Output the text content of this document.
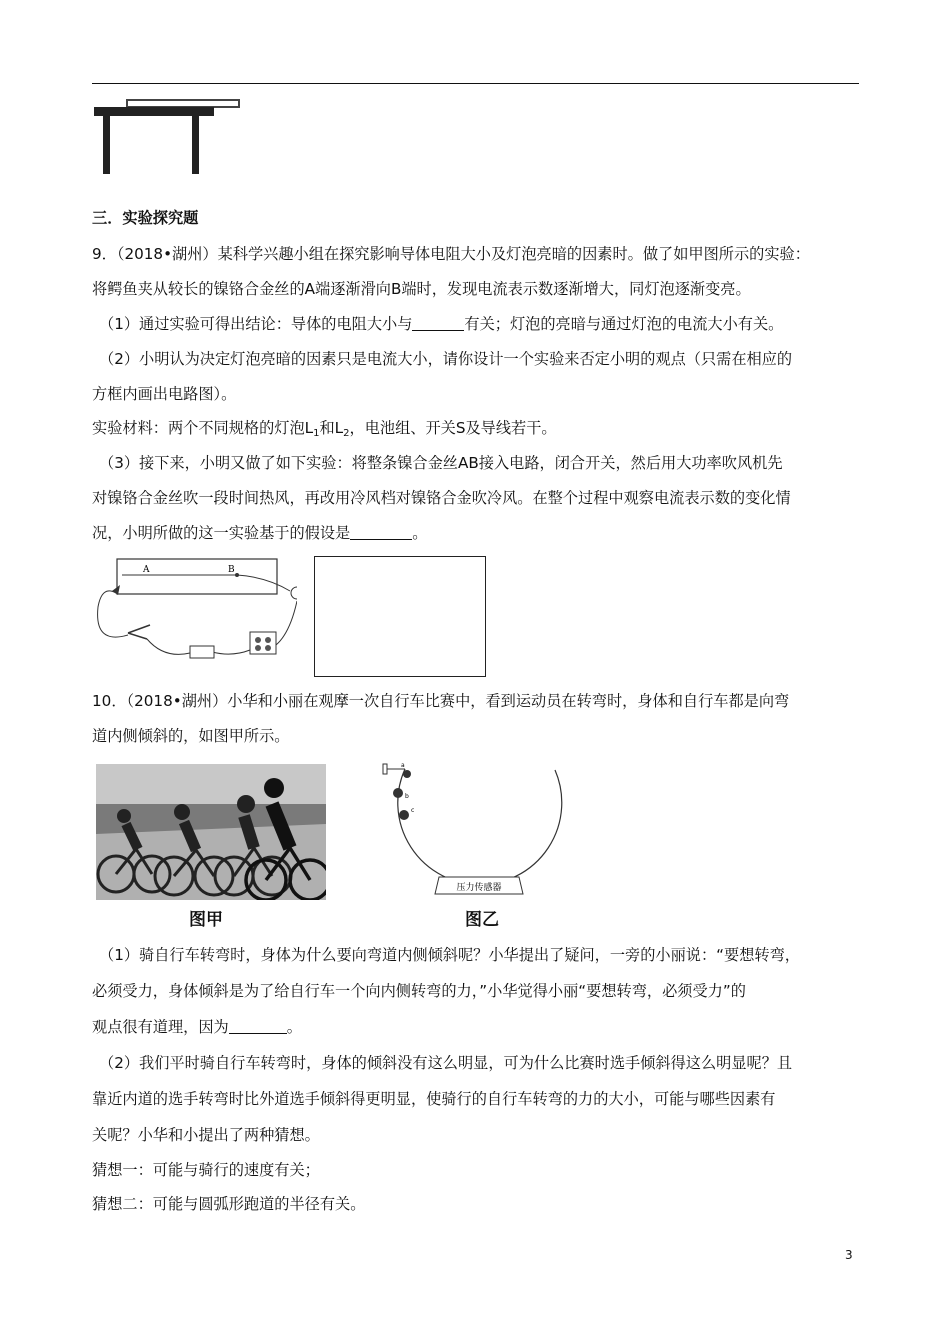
三．实验探究题
9．（2018•湖州）某科学兴趣小组在探究影响导体电阻大小及灯泡亮暗的因素时。做了如甲图所示的实验：
将鳄鱼夹从较长的镍铬合金丝的A端逐渐滑向B端时，发现电流表示数逐渐增大，同灯泡逐渐变亮。
（1）通过实验可得出结论：导体的电阻大小与	有关；灯泡的亮暗与通过灯泡的电流大小有关。
（2）小明认为决定灯泡亮暗的因素只是电流大小，请你设计一个实验来否定小明的观点（只需在相应的
方框内画出电路图）。
实验材料：两个不同规格的灯泡$L_1$和$L_2$，电池组、开关S及导线若干。
（3）接下来，小明又做了如下实验：将整条镍合金丝AB接入电路，闭合开关，然后用大功率吹风机先
对镍铬合金丝吹一段时间热风，再改用冷风档对镍铬合金吹冷风。在整个过程中观察电流表示数的变化情
况，小明所做的这一实验基于的假设是	。
A	B
10．（2018•湖州）小华和小丽在观摩一次自行车比赛中，看到运动员在转弯时，身体和自行车都是向弯
道内侧倾斜的，如图甲所示。
图甲
a
b
c
压力传感器
图乙
（1）骑自行车转弯时，身体为什么要向弯道内侧倾斜呢？小华提出了疑问，一旁的小丽说：“要想转弯，
必须受力，身体倾斜是为了给自行车一个向内侧转弯的力，”小华觉得小丽“要想转弯，必须受力”的
观点很有道理，因为	。
（2）我们平时骑自行车转弯时，身体的倾斜没有这么明显，可为什么比赛时选手倾斜得这么明显呢？且
靠近内道的选手转弯时比外道选手倾斜得更明显，使骑行的自行车转弯的力的大小，可能与哪些因素有
关呢？小华和小提出了两种猜想。
猜想一：可能与骑行的速度有关；
猜想二：可能与圆弧形跑道的半径有关。
3
